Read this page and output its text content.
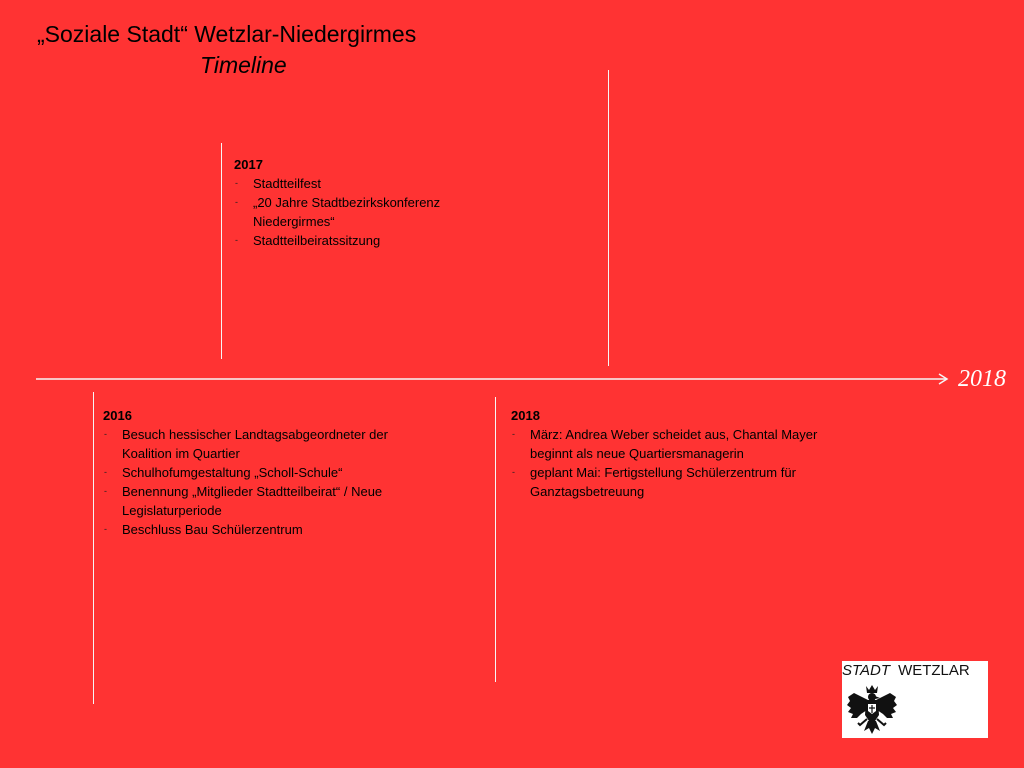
„Soziale Stadt“ Wetzlar-Niedergirmes
Timeline
2018
2017
- Stadtteilfest
- „20 Jahre Stadtbezirkskonferenz Niedergirmes“
- Stadtteilbeiratssitzung
2016
- Besuch hessischer Landtagsabgeordneter der Koalition im Quartier
- Schulhofumgestaltung „Scholl-Schule“
- Benennung „Mitglieder Stadtteilbeirat“ / Neue Legislaturperiode
- Beschluss Bau Schülerzentrum
2018
- März: Andrea Weber scheidet aus, Chantal Mayer beginnt als neue Quartiersmanagerin
- geplant Mai: Fertigstellung Schülerzentrum für Ganztagsbetreuung
STADT WETZLAR
